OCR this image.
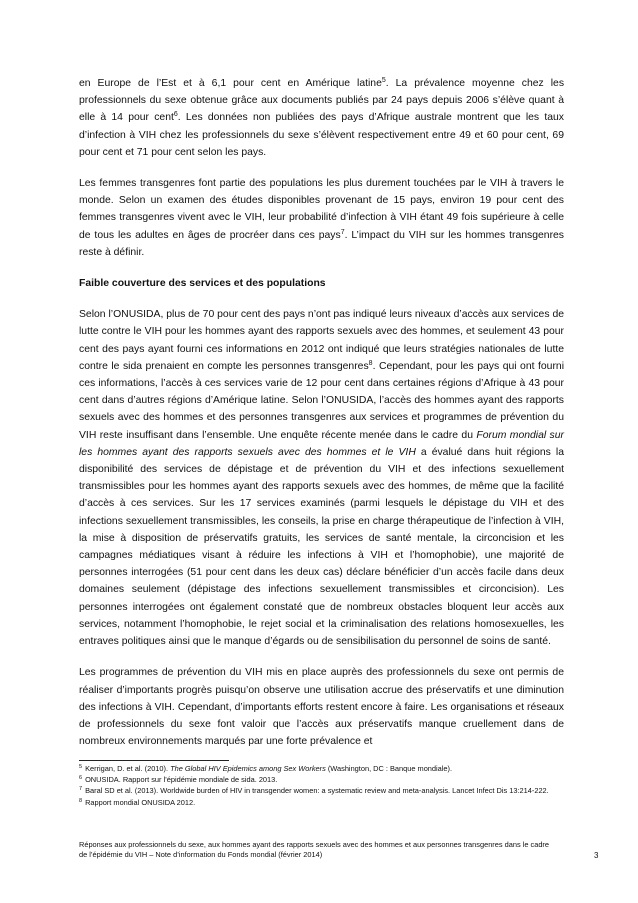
en Europe de l’Est et à 6,1 pour cent en Amérique latine$^5$. La prévalence moyenne chez les professionnels du sexe obtenue grâce aux documents publiés par 24 pays depuis 2006 s’élève quant à elle à 14 pour cent$^6$. Les données non publiées des pays d’Afrique australe montrent que les taux d’infection à VIH chez les professionnels du sexe s’élèvent respectivement entre 49 et 60 pour cent, 69 pour cent et 71 pour cent selon les pays.

Les femmes transgenres font partie des populations les plus durement touchées par le VIH à travers le monde. Selon un examen des études disponibles provenant de 15 pays, environ 19 pour cent des femmes transgenres vivent avec le VIH, leur probabilité d’infection à VIH étant 49 fois supérieure à celle de tous les adultes en âges de procréer dans ces pays$^7$. L’impact du VIH sur les hommes transgenres reste à définir.

Faible couverture des services et des populations

Selon l’ONUSIDA, plus de 70 pour cent des pays n’ont pas indiqué leurs niveaux d’accès aux services de lutte contre le VIH pour les hommes ayant des rapports sexuels avec des hommes, et seulement 43 pour cent des pays ayant fourni ces informations en 2012 ont indiqué que leurs stratégies nationales de lutte contre le sida prenaient en compte les personnes transgenres$^8$. Cependant, pour les pays qui ont fourni ces informations, l’accès à ces services varie de 12 pour cent dans certaines régions d’Afrique à 43 pour cent dans d’autres régions d’Amérique latine. Selon l’ONUSIDA, l’accès des hommes ayant des rapports sexuels avec des hommes et des personnes transgenres aux services et programmes de prévention du VIH reste insuffisant dans l’ensemble. Une enquête récente menée dans le cadre du Forum mondial sur les hommes ayant des rapports sexuels avec des hommes et le VIH a évalué dans huit régions la disponibilité des services de dépistage et de prévention du VIH et des infections sexuellement transmissibles pour les hommes ayant des rapports sexuels avec des hommes, de même que la facilité d’accès à ces services. Sur les 17 services examinés (parmi lesquels le dépistage du VIH et des infections sexuellement transmissibles, les conseils, la prise en charge thérapeutique de l’infection à VIH, la mise à disposition de préservatifs gratuits, les services de santé mentale, la circoncision et les campagnes médiatiques visant à réduire les infections à VIH et l’homophobie), une majorité de personnes interrogées (51 pour cent dans les deux cas) déclare bénéficier d’un accès facile dans deux domaines seulement (dépistage des infections sexuellement transmissibles et circoncision). Les personnes interrogées ont également constaté que de nombreux obstacles bloquent leur accès aux services, notamment l’homophobie, le rejet social et la criminalisation des relations homosexuelles, les entraves politiques ainsi que le manque d’égards ou de sensibilisation du personnel de soins de santé.

Les programmes de prévention du VIH mis en place auprès des professionnels du sexe ont permis de réaliser d’importants progrès puisqu’on observe une utilisation accrue des préservatifs et une diminution des infections à VIH. Cependant, d’importants efforts restent encore à faire. Les organisations et réseaux de professionnels du sexe font valoir que l’accès aux préservatifs manque cruellement dans de nombreux environnements marqués par une forte prévalence et

$^5$ Kerrigan, D. et al. (2010). The Global HIV Epidemics among Sex Workers (Washington, DC : Banque mondiale).

$^6$ ONUSIDA. Rapport sur l’épidémie mondiale de sida. 2013.

$^7$ Baral SD et al. (2013). Worldwide burden of HIV in transgender women: a systematic review and meta-analysis. Lancet Infect Dis 13:214-222.

$^8$ Rapport mondial ONUSIDA 2012.

Réponses aux professionnels du sexe, aux hommes ayant des rapports sexuels avec des hommes et aux personnes transgenres dans le cadre de l’épidémie du VIH – Note d’information du Fonds mondial (février 2014)	3
